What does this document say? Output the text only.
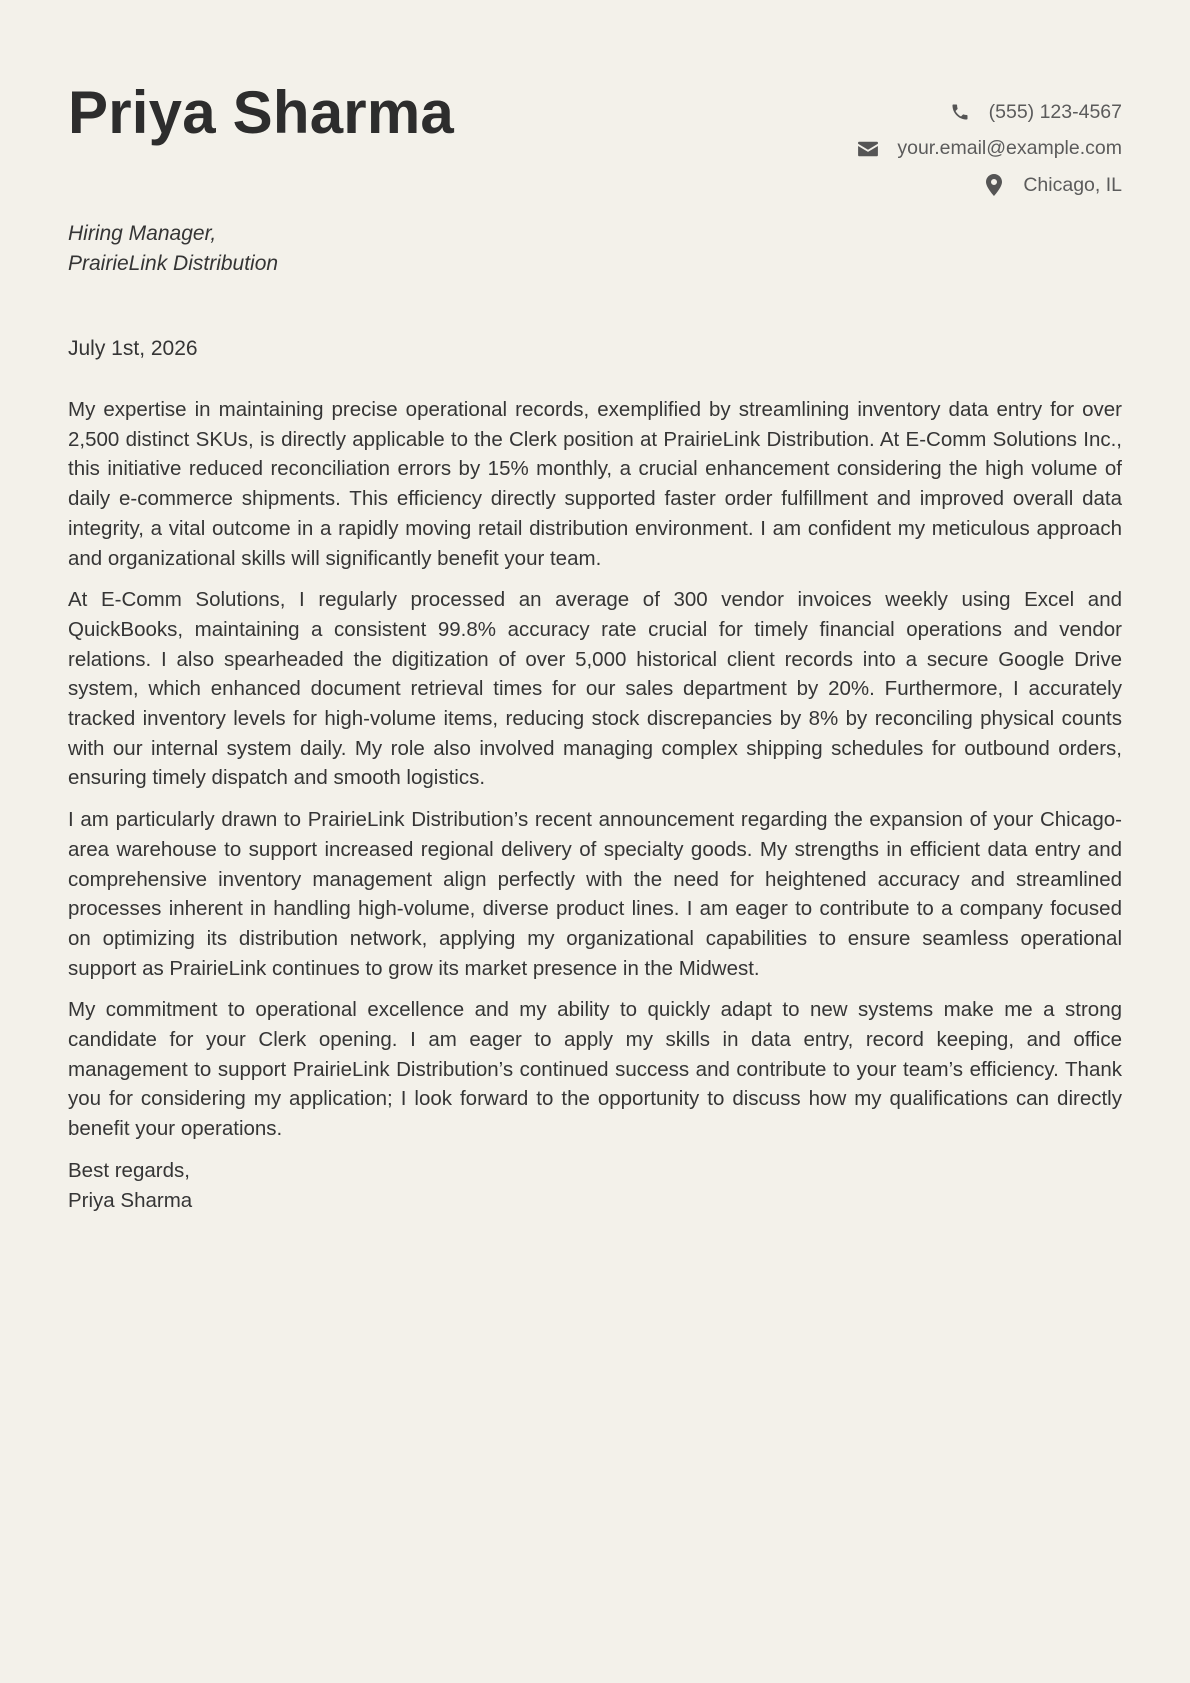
Priya Sharma	(555) 123-4567
your.email@example.com
Chicago, IL
Hiring Manager,
PrairieLink Distribution
July 1st, 2026

My expertise in maintaining precise operational records, exemplified by streamlining inventory data entry for over 2,500 distinct SKUs, is directly applicable to the Clerk position at PrairieLink Distribution. At E-Comm Solutions Inc., this initiative reduced reconciliation errors by 15% monthly, a crucial enhancement considering the high volume of daily e-commerce shipments. This efficiency directly supported faster order fulfillment and improved overall data integrity, a vital outcome in a rapidly moving retail distribution environment. I am confident my meticulous approach and organizational skills will significantly benefit your team.

At E-Comm Solutions, I regularly processed an average of 300 vendor invoices weekly using Excel and QuickBooks, maintaining a consistent 99.8% accuracy rate crucial for timely financial operations and vendor relations. I also spearheaded the digitization of over 5,000 historical client records into a secure Google Drive system, which enhanced document retrieval times for our sales department by 20%. Furthermore, I accurately tracked inventory levels for high-volume items, reducing stock discrepancies by 8% by reconciling physical counts with our internal system daily. My role also involved managing complex shipping schedules for outbound orders, ensuring timely dispatch and smooth logistics.

I am particularly drawn to PrairieLink Distribution’s recent announcement regarding the expansion of your Chicago-area warehouse to support increased regional delivery of specialty goods. My strengths in efficient data entry and comprehensive inventory management align perfectly with the need for heightened accuracy and streamlined processes inherent in handling high-volume, diverse product lines. I am eager to contribute to a company focused on optimizing its distribution network, applying my organizational capabilities to ensure seamless operational support as PrairieLink continues to grow its market presence in the Midwest.

My commitment to operational excellence and my ability to quickly adapt to new systems make me a strong candidate for your Clerk opening. I am eager to apply my skills in data entry, record keeping, and office management to support PrairieLink Distribution’s continued success and contribute to your team’s efficiency. Thank you for considering my application; I look forward to the opportunity to discuss how my qualifications can directly benefit your operations.

Best regards,
Priya Sharma
